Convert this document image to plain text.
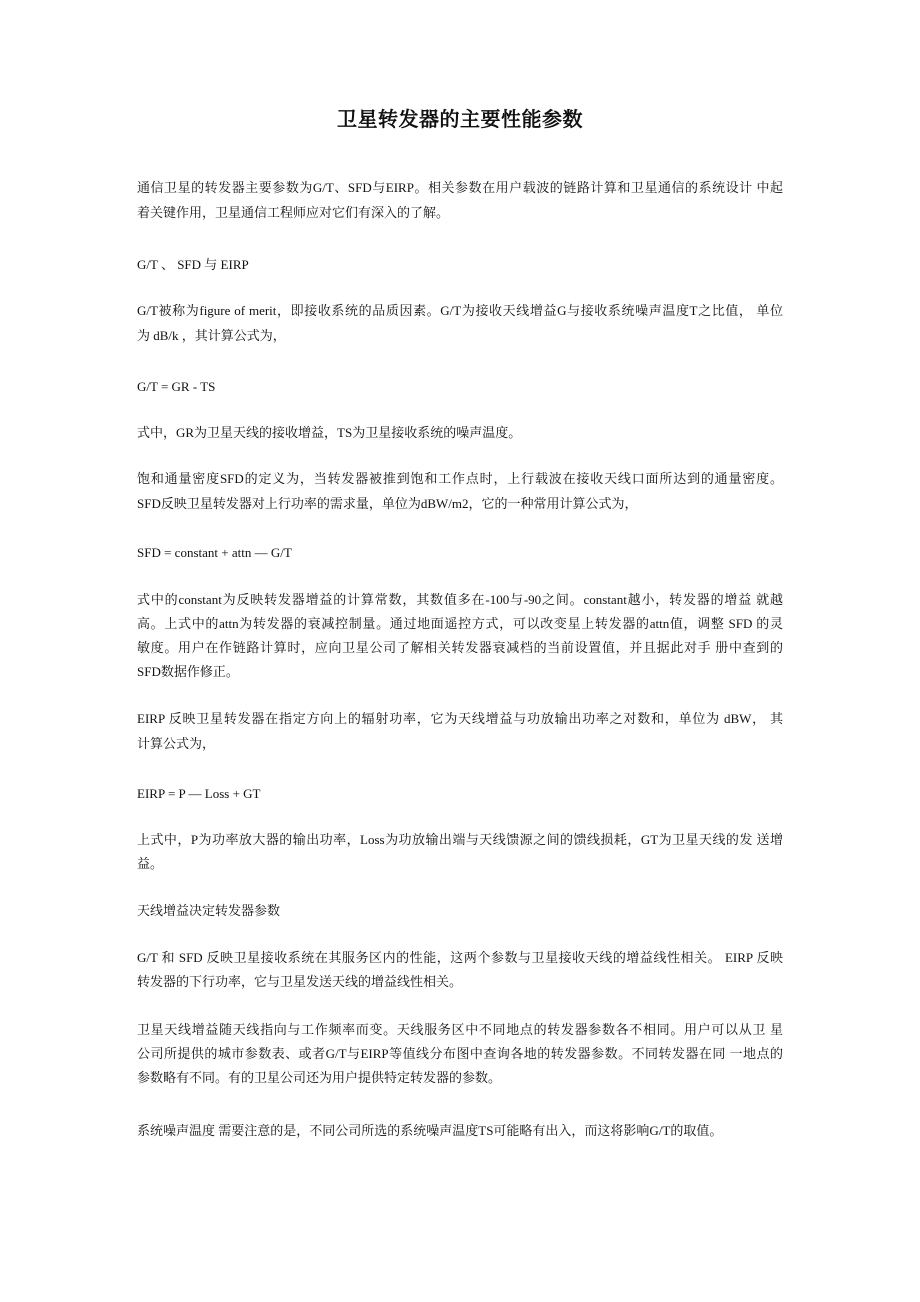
卫星转发器的主要性能参数
通信卫星的转发器主要参数为G/T、SFD与EIRP。相关参数在用户载波的链路计算和卫星通信的系统设计 中起
着关键作用，卫星通信工程师应对它们有深入的了解。
G/T 、 SFD 与 EIRP
G/T被称为figure of merit，即接收系统的品质因素。G/T为接收天线增益G与接收系统噪声温度T之比值， 单位
为 dB/k ，其计算公式为，
G/T = GR - TS
式中，GR为卫星天线的接收增益，TS为卫星接收系统的噪声温度。
饱和通量密度SFD的定义为，当转发器被推到饱和工作点时，上行载波在接收天线口面所达到的通量密度。
SFD反映卫星转发器对上行功率的需求量，单位为dBW/m2，它的一种常用计算公式为，
SFD = constant + attn — G/T
式中的constant为反映转发器增益的计算常数，其数值多在-100与-90之间。constant越小，转发器的增益 就越
高。上式中的attn为转发器的衰减控制量。通过地面遥控方式，可以改变星上转发器的attn值，调整 SFD 的灵
敏度。用户在作链路计算时，应向卫星公司了解相关转发器衰减档的当前设置值，并且据此对手 册中查到的
SFD数据作修正。
EIRP 反映卫星转发器在指定方向上的辐射功率，它为天线增益与功放输出功率之对数和，单位为 dBW， 其
计算公式为，
EIRP = P — Loss + GT
上式中，P为功率放大器的输出功率，Loss为功放输出端与天线馈源之间的馈线损耗，GT为卫星天线的发 送增
益。
天线增益决定转发器参数
G/T 和 SFD 反映卫星接收系统在其服务区内的性能，这两个参数与卫星接收天线的增益线性相关。 EIRP 反映
转发器的下行功率，它与卫星发送天线的增益线性相关。
卫星天线增益随天线指向与工作频率而变。天线服务区中不同地点的转发器参数各不相同。用户可以从卫 星
公司所提供的城市参数表、或者G/T与EIRP等值线分布图中查询各地的转发器参数。不同转发器在同 一地点的
参数略有不同。有的卫星公司还为用户提供特定转发器的参数。
系统噪声温度 需要注意的是，不同公司所选的系统噪声温度TS可能略有出入，而这将影响G/T的取值。
